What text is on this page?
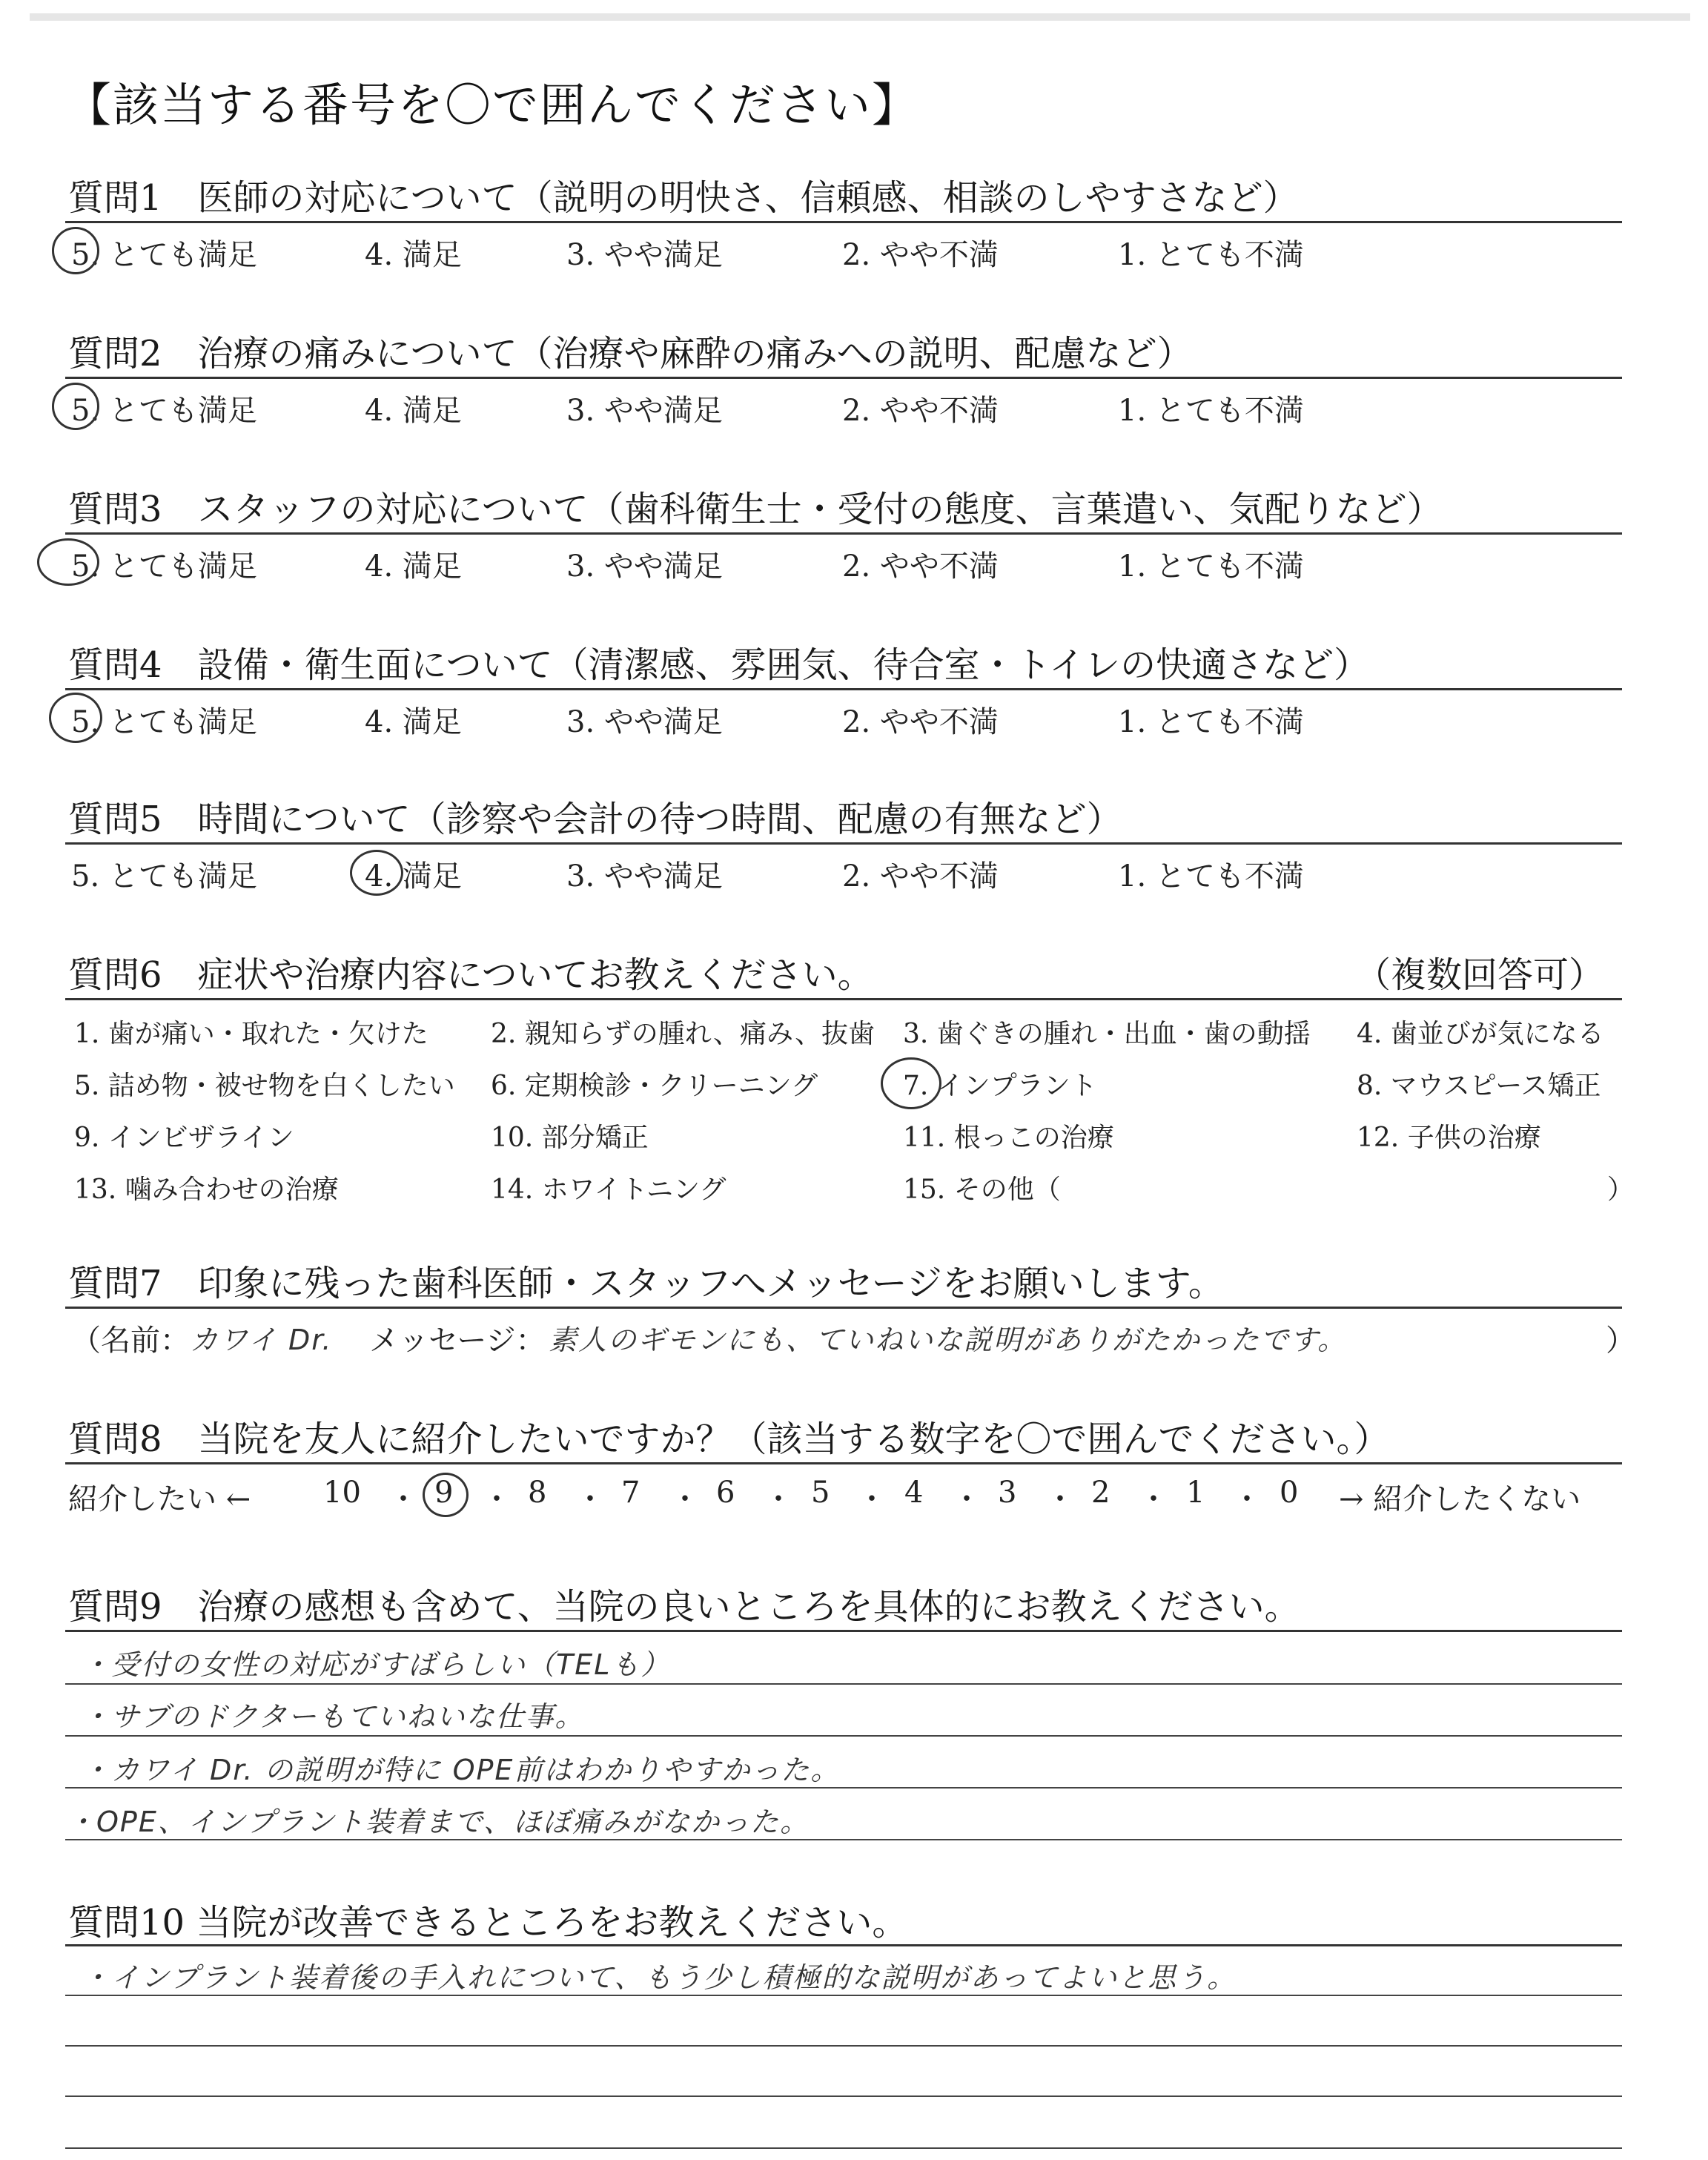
【該当する番号を〇で囲んでください】
質問1　医師の対応について（説明の明快さ、信頼感、相談のしやすさなど）
5. とても満足	4. 満足	3. やや満足	2. やや不満	1. とても不満
質問2　治療の痛みについて（治療や麻酔の痛みへの説明、配慮など）
5. とても満足	4. 満足	3. やや満足	2. やや不満	1. とても不満
質問3　スタッフの対応について（歯科衛生士・受付の態度、言葉遣い、気配りなど）
5. とても満足	4. 満足	3. やや満足	2. やや不満	1. とても不満
質問4　設備・衛生面について（清潔感、雰囲気、待合室・トイレの快適さなど）
5. とても満足	4. 満足	3. やや満足	2. やや不満	1. とても不満
質問5　時間について（診察や会計の待つ時間、配慮の有無など）
5. とても満足	4. 満足	3. やや満足	2. やや不満	1. とても不満
質問6　症状や治療内容についてお教えください。	（複数回答可）
1. 歯が痛い・取れた・欠けた 2. 親知らずの腫れ、痛み、抜歯 3. 歯ぐきの腫れ・出血・歯の動揺 4. 歯並びが気になる
5. 詰め物・被せ物を白くしたい 6. 定期検診・クリーニング	7. インプラント	8. マウスピース矯正
9. インビザライン	10. 部分矯正	11. 根っこの治療	12. 子供の治療
13. 噛み合わせの治療	14. ホワイトニング	15. その他（	）
質問7　印象に残った歯科医師・スタッフへメッセージをお願いします。
（名前： カワイ Dr. メッセージ： 素人のギモンにも、ていねいな説明がありがたかったです。	）
質問8　当院を友人に紹介したいですか？（該当する数字を〇で囲んでください。）
紹介したい ← 10 ・ 9 ・ 8 ・ 7 ・ 6 ・ 5 ・ 4 ・ 3 ・ 2 ・ 1 ・ 0 → 紹介したくない
質問9　治療の感想も含めて、当院の良いところを具体的にお教えください。
・受付の女性の対応がすばらしい（TELも）
・サブのドクターもていねいな仕事。
・カワイ Dr. の説明が特に OPE前はわかりやすかった。
・OPE、インプラント装着まで、ほぼ痛みがなかった。
質問10 当院が改善できるところをお教えください。
・インプラント装着後の手入れについて、もう少し積極的な説明があってよいと思う。
